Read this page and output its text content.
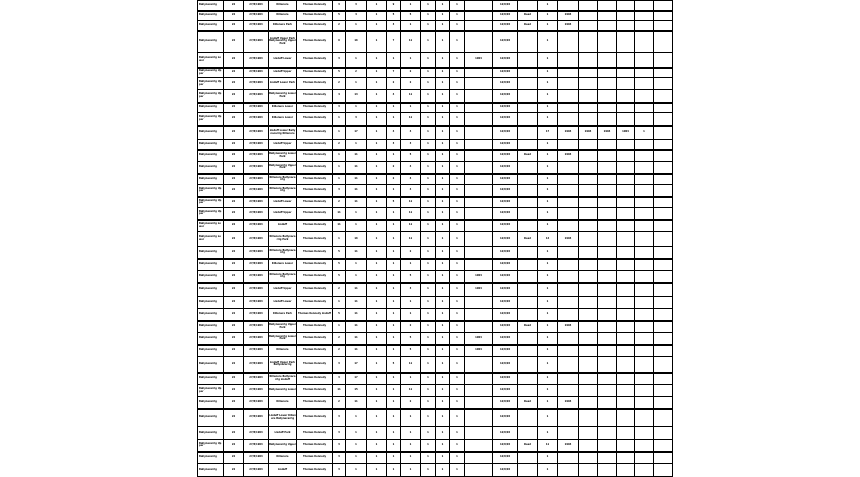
Ballynacarrig	22	27/8/1904	Killenure	Thomas Kennedy	3	3	1	9	1	1	1	1		12/8/04		1						
Ballynacarrig	22	27/8/1904	Killenure	Thomas Kennedy	5	4	1	5	5	1	1	1		12/8/04	Dead	1	1904					
Ballynacarrig	22	27/8/1904	Killenure Park	Thomas Kennedy	2	1	1	3	1	1	1	1		12/8/04	Dead	1	1904					
Ballynacarrig	22	27/8/1904	Lisduff Upper Park Ballynacarrig Upper Park	Thomas Kennedy	9	16	1	7	11	1	1	1		12/8/04		1						
Ballynacarrig Lower	22	27/8/1904	Lisduff Lower	Thomas Kennedy	3	1	1	1	1	1	1	1	1904	12/8/04		1						
Ballynacarrig Upper	22	27/8/1904	Lisduff Upper	Thomas Kennedy	5	2	1	7	2	1	1	1		12/8/04		1						
Ballynacarrig Upper	22	27/8/1904	Lisduff Lower Park	Thomas Kennedy	2	1	1	2	2	1	1	1		12/8/04		1						
Ballynacarrig Upper	22	27/8/1904	Ballynacarrig Lower Park	Thomas Kennedy	4	14	1	4	11	1	1	1		12/8/04		1						
Ballynacarrig	22	27/8/1904	Killenure Lower	Thomas Kennedy	3	1	1	1	1	1	1	1		12/8/04		1						
Ballynacarrig Upper	22	27/8/1904	Killenure Lower	Thomas Kennedy	1	3	1	1	11	1	1	1		12/8/04		1						
Ballynacarrig	22	27/8/1904	Lisduff Lower Ballynacarrig Killenure	Thomas Kennedy	1	17	1	4	4	1	1	1		12/8/04		17	1904	1904	1904	1904	1	
Ballynacarrig	22	27/8/1904	Lisduff Upper	Thomas Kennedy	2	1	1	3	3	1	1	1		12/8/04		1						
Ballynacarrig	22	27/8/1904	Ballynacarrig Lower Park	Thomas Kennedy	1	11	1	1	5	1	1	1		12/8/04	Dead	1	1904					
Ballynacarrig	22	27/8/1904	Ballynacarrig Upper Park	Thomas Kennedy	1	11	1	2	4	1	1	1		12/8/04		1						
Ballynacarrig	22	27/8/1904	Killenure Ballynacarrig	Thomas Kennedy	1	11	1	2	4	1	1	1		12/8/04		1						
Ballynacarrig Upper	22	27/8/1904	Killenure Ballynacarrig	Thomas Kennedy	3	11	1	1	4	1	1	1		12/8/04		1						
Ballynacarrig Upper	22	27/8/1904	Lisduff Lower	Thomas Kennedy	2	11	1	5	11	1	1	1		12/8/04		1						
Ballynacarrig Upper	22	27/8/1904	Lisduff Upper	Thomas Kennedy	11	1	1	1	11	1	1	1		12/8/04		1						
Ballynacarrig Lower	22	27/8/1904	Lisduff	Thomas Kennedy	11	1	1	1	11	1	1	1		12/8/04		1						
Ballynacarrig Lower	22	27/8/1904	Killenure Ballynacarrig Park	Thomas Kennedy	1	16	1	1	11	1	1	1		12/8/04	Dead	14	1904					
Ballynacarrig	22	27/8/1904	Killenure Ballynacarrig	Thomas Kennedy	5	11	1	1	2	1	1	1		12/8/04		1						
Ballynacarrig	22	27/8/1904	Killenure Lower	Thomas Kennedy	5	1	1	1	1	1	1	1		12/8/04		1						
Ballynacarrig	22	27/8/1904	Killenure Ballynacarrig	Thomas Kennedy	5	1	1	1	5	1	1	1	1904	12/8/04		1						
Ballynacarrig	22	27/8/1904	Lisduff Upper	Thomas Kennedy	2	11	1	1	3	1	1	1	1904	12/8/04		1						
Ballynacarrig	22	27/8/1904	Lisduff Lower	Thomas Kennedy	1	11	1	1	1	1	1	1		12/8/04		1						
Ballynacarrig	22	27/8/1904	Killenure Park	Thomas Kennedy Lisduff	5	11	1	1	1	1	1	1		12/8/04		1						
Ballynacarrig	22	27/8/1904	Ballynacarrig Upper Park	Thomas Kennedy	1	11	1	1	2	1	1	1		12/8/04	Dead	1	1904					
Ballynacarrig	22	27/8/1904	Ballynacarrig Lower Park	Thomas Kennedy	2	11	1	1	5	1	1	1	1904	12/8/04		1						
Ballynacarrig	22	27/8/1904	Killenure	Thomas Kennedy	2	11	1	1	5	1	1	1	1904	12/8/04		1						
Ballynacarrig	22	27/8/1904	Lisduff Upper Park Ballynacarrig	Thomas Kennedy	3	17	1	5	11	1	1	1		12/8/04		1						
Ballynacarrig	22	27/8/1904	Killenure Ballynacarrig Lisduff	Thomas Kennedy	3	17	1	1	1	1	1	1		12/8/04		1						
Ballynacarrig Upper	22	27/8/1904	Ballynacarrig Lower	Thomas Kennedy	11	15	1	1	11	1	1	1		12/8/04		1						
Ballynacarrig	22	27/8/1904	Killenure	Thomas Kennedy	2	11	1	1	2	1	1	1		12/8/04	Dead	1	1904					
Ballynacarrig	22	27/8/1904	Lisduff Lower Killenure Ballynacarrig	Thomas Kennedy	3	1	1	1	1	1	1	1		12/8/04		1						
Ballynacarrig	22	27/8/1904	Lisduff Park	Thomas Kennedy	3	1	1	1	1	1	1	1		12/8/04		1						
Ballynacarrig Upper	22	27/8/1904	Ballynacarrig Upper	Thomas Kennedy	3	1	1	1	1	1	1	1		12/8/04	Dead	11	1904					
Ballynacarrig	22	27/8/1904	Killenure	Thomas Kennedy	3	1	1	1	1	1	1	1		12/8/04		1						
Ballynacarrig	22	27/8/1904	Lisduff	Thomas Kennedy	3	1	1	1	1	1	1	1		12/8/04		1						
